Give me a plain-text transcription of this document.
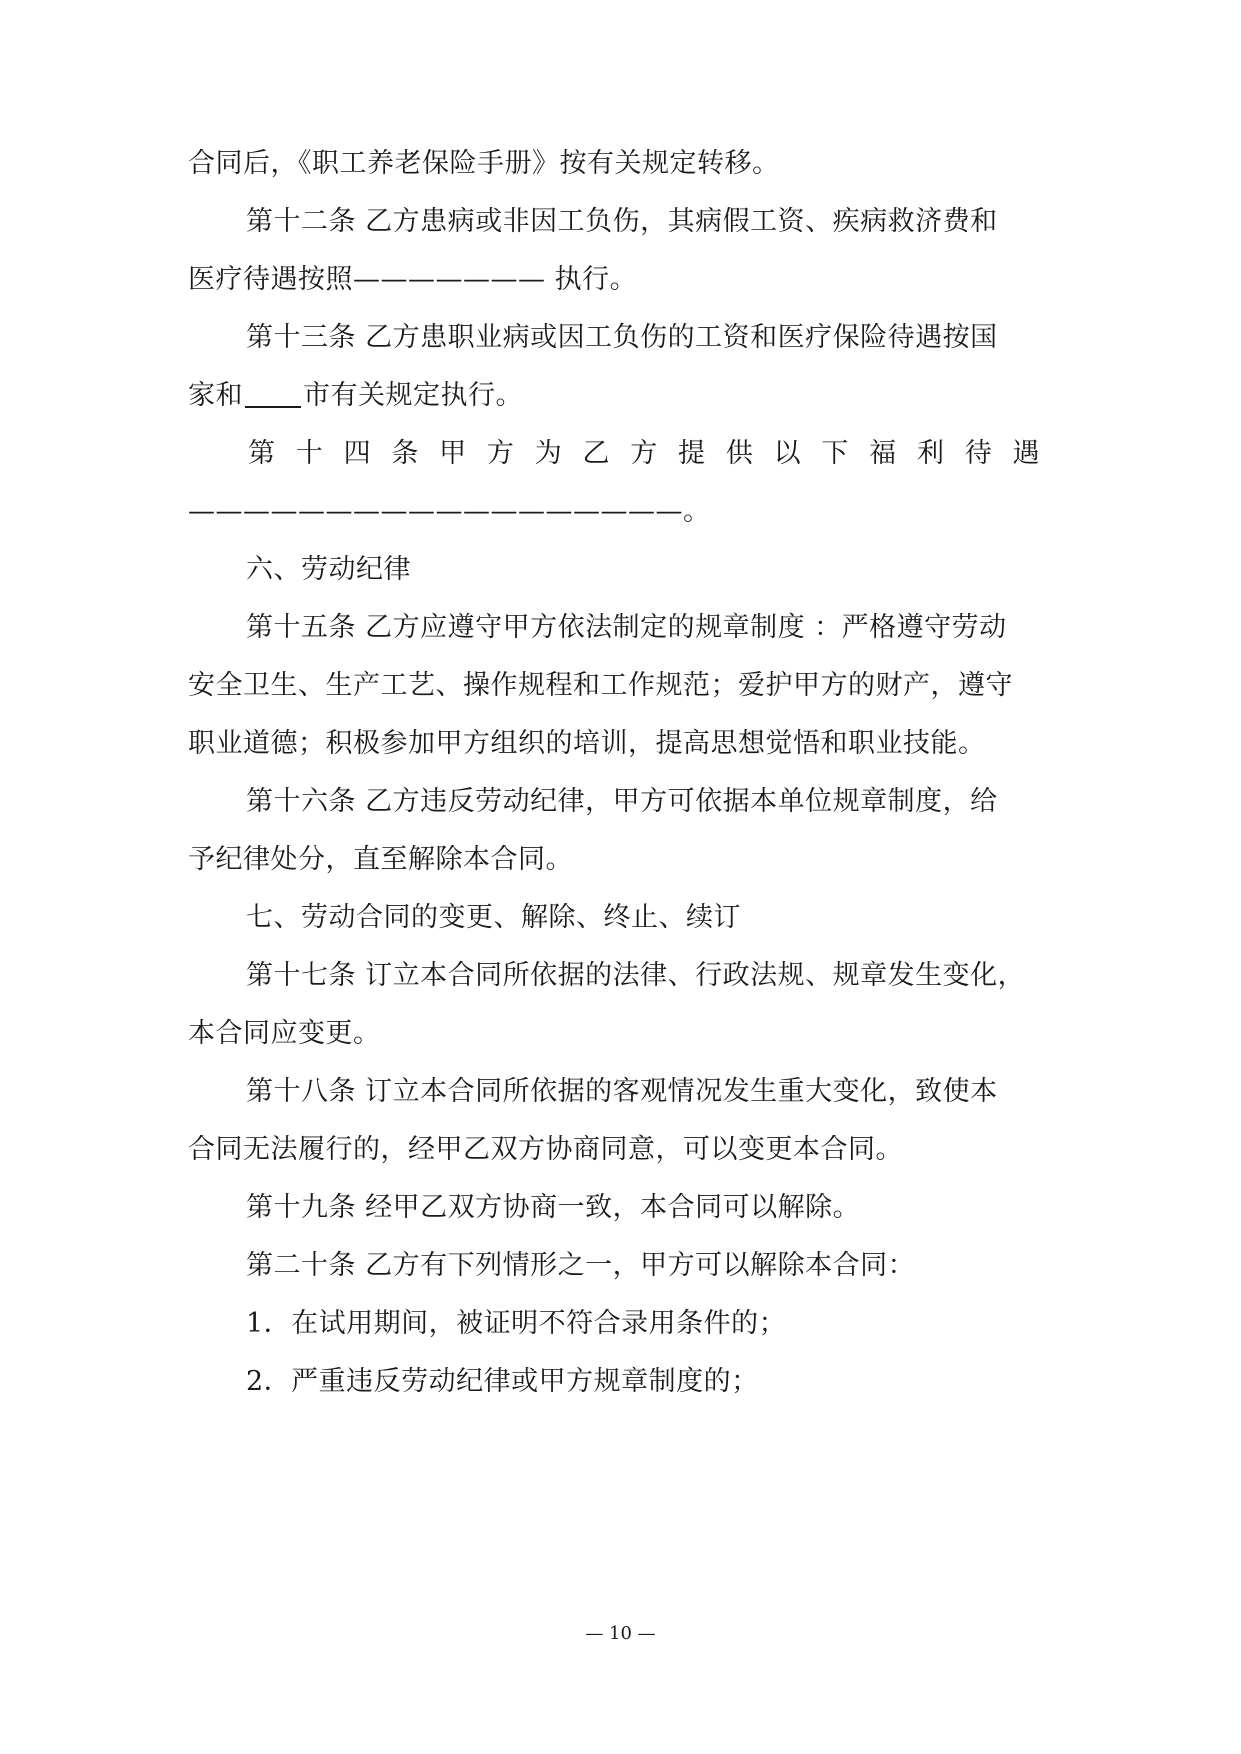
合同后，《职工养老保险手册》按有关规定转移。
第十二条 乙方患病或非因工负伤，其病假工资、疾病救济费和
医疗待遇按照——————— 执行。
第十三条 乙方患职业病或因工负伤的工资和医疗保险待遇按国
家和 市有关规定执行。
第 十 四 条 甲 方 为 乙 方 提 供 以 下 福 利 待 遇
——————————————————。
六、劳动纪律
第十五条 乙方应遵守甲方依法制定的规章制度 ：严格遵守劳动
安全卫生、生产工艺、操作规程和工作规范；爱护甲方的财产，遵守
职业道德；积极参加甲方组织的培训，提高思想觉悟和职业技能。
第十六条 乙方违反劳动纪律，甲方可依据本单位规章制度，给
予纪律处分，直至解除本合同。
七、劳动合同的变更、解除、终止、续订
第十七条 订立本合同所依据的法律、行政法规、规章发生变化，
本合同应变更。
第十八条 订立本合同所依据的客观情况发生重大变化，致使本
合同无法履行的，经甲乙双方协商同意，可以变更本合同。
第十九条 经甲乙双方协商一致，本合同可以解除。
第二十条 乙方有下列情形之一，甲方可以解除本合同：
1．在试用期间，被证明不符合录用条件的；
2．严重违反劳动纪律或甲方规章制度的；
— 10 —
